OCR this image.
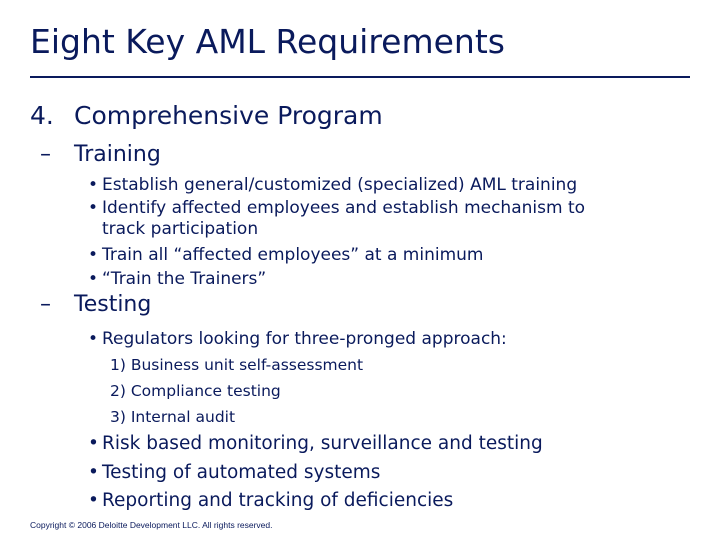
Eight Key AML Requirements
4. Comprehensive Program
– Training
• Establish general/customized (specialized) AML training
• Identify affected employees and establish mechanism to
track participation
• Train all “affected employees” at a minimum
• “Train the Trainers”
– Testing
• Regulators looking for three-pronged approach:
1) Business unit self-assessment
2) Compliance testing
3) Internal audit
• Risk based monitoring, surveillance and testing
• Testing of automated systems
• Reporting and tracking of deficiencies
Copyright © 2006 Deloitte Development LLC. All rights reserved.
